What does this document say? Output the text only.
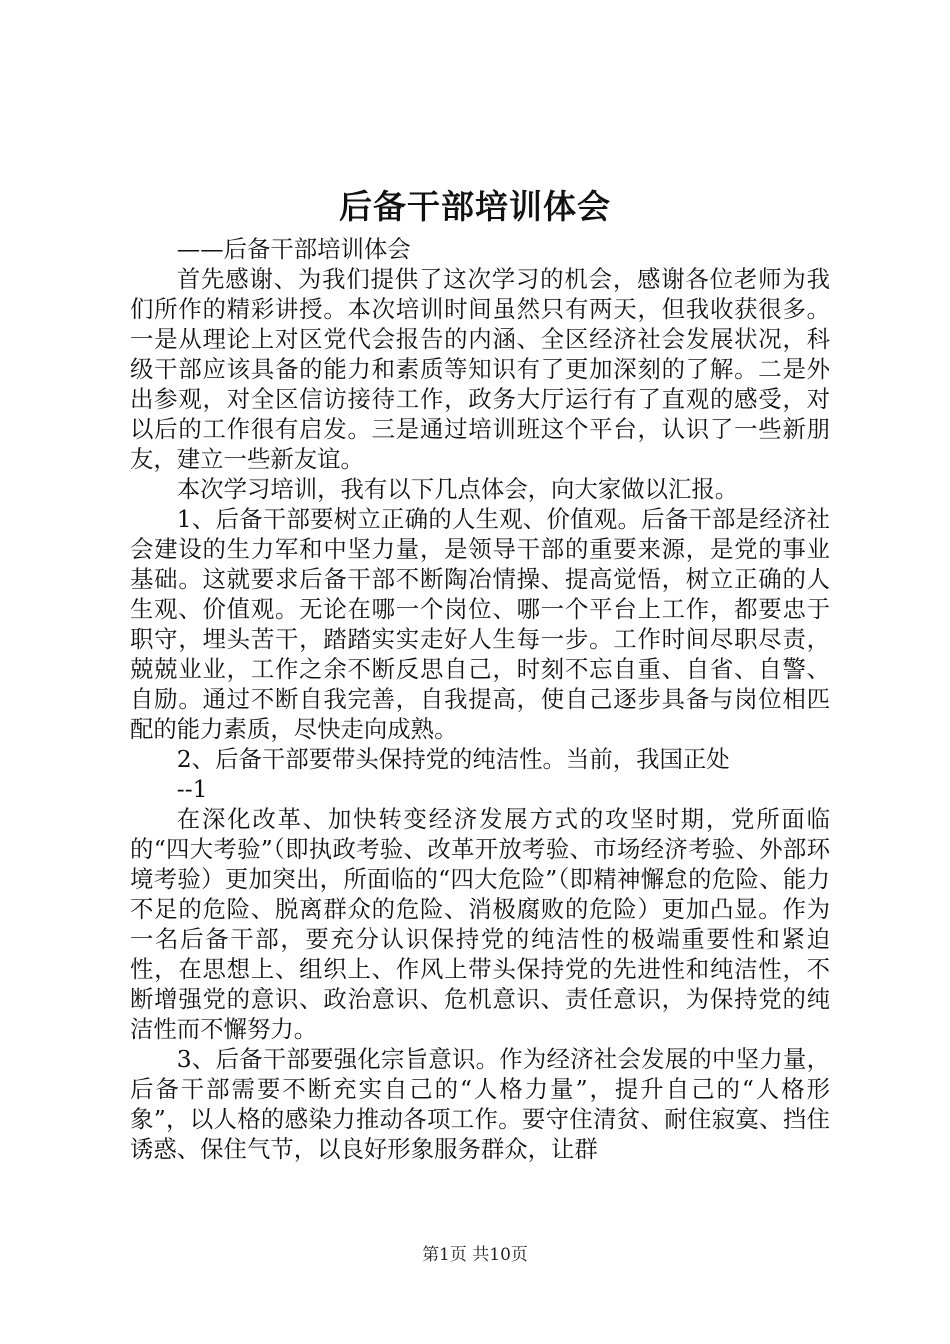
后备干部培训体会

——后备干部培训体会

首先感谢、为我们提供了这次学习的机会，感谢各位老师为我们所作的精彩讲授。本次培训时间虽然只有两天，但我收获很多。一是从理论上对区党代会报告的内涵、全区经济社会发展状况，科级干部应该具备的能力和素质等知识有了更加深刻的了解。二是外出参观，对全区信访接待工作，政务大厅运行有了直观的感受，对以后的工作很有启发。三是通过培训班这个平台，认识了一些新朋友，建立一些新友谊。

本次学习培训，我有以下几点体会，向大家做以汇报。

1、后备干部要树立正确的人生观、价值观。后备干部是经济社会建设的生力军和中坚力量，是领导干部的重要来源，是党的事业基础。这就要求后备干部不断陶冶情操、提高觉悟，树立正确的人生观、价值观。无论在哪一个岗位、哪一个平台上工作，都要忠于职守，埋头苦干，踏踏实实走好人生每一步。工作时间尽职尽责，兢兢业业，工作之余不断反思自己，时刻不忘自重、自省、自警、自励。通过不断自我完善，自我提高，使自己逐步具备与岗位相匹配的能力素质，尽快走向成熟。

2、后备干部要带头保持党的纯洁性。当前，我国正处

--1

在深化改革、加快转变经济发展方式的攻坚时期，党所面临的“四大考验”（即执政考验、改革开放考验、市场经济考验、外部环境考验）更加突出，所面临的“四大危险”（即精神懈怠的危险、能力不足的危险、脱离群众的危险、消极腐败的危险）更加凸显。作为一名后备干部，要充分认识保持党的纯洁性的极端重要性和紧迫性，在思想上、组织上、作风上带头保持党的先进性和纯洁性，不断增强党的意识、政治意识、危机意识、责任意识，为保持党的纯洁性而不懈努力。

3、后备干部要强化宗旨意识。作为经济社会发展的中坚力量，后备干部需要不断充实自己的“人格力量”，提升自己的“人格形象”，以人格的感染力推动各项工作。要守住清贫、耐住寂寞、挡住诱惑、保住气节，以良好形象服务群众，让群

第1页 共10页
